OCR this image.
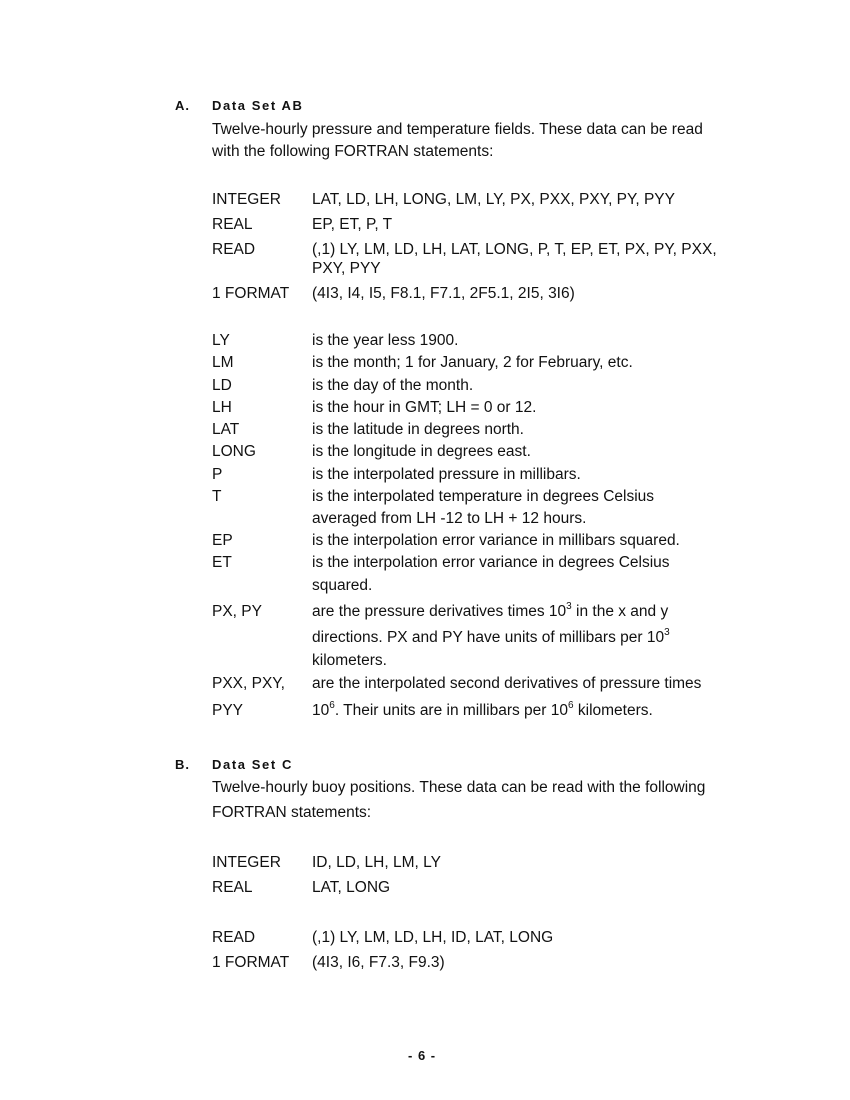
A. Data Set AB
Twelve-hourly pressure and temperature fields. These data can be read
with the following FORTRAN statements:
INTEGER LAT, LD, LH, LONG, LM, LY, PX, PXX, PXY, PY, PYY
REAL	EP, ET, P, T
READ	(,1) LY, LM, LD, LH, LAT, LONG, P, T, EP, ET, PX, PY, PXX,
PXY, PYY
1 FORMAT (4I3, I4, I5, F8.1, F7.1, 2F5.1, 2I5, 3I6)
LY	is the year less 1900.
LM	is the month; 1 for January, 2 for February, etc.
LD	is the day of the month.
LH	is the hour in GMT; LH = 0 or 12.
LAT	is the latitude in degrees north.
LONG	is the longitude in degrees east.
P	is the interpolated pressure in millibars.
T	is the interpolated temperature in degrees Celsius
averaged from LH -12 to LH + 12 hours.
EP	is the interpolation error variance in millibars squared.
ET	is the interpolation error variance in degrees Celsius
squared.
PX, PY	are the pressure derivatives times $10^3$ in the x and y
directions. PX and PY have units of millibars per $10^3$
kilometers.
PXX, PXY, are the interpolated second derivatives of pressure times
PYY	$10^6$. Their units are in millibars per $10^6$ kilometers.
B. Data Set C
Twelve-hourly buoy positions. These data can be read with the following
FORTRAN statements:
INTEGER ID, LD, LH, LM, LY
REAL	LAT, LONG
READ	(,1) LY, LM, LD, LH, ID, LAT, LONG
1 FORMAT (4I3, I6, F7.3, F9.3)
- 6 -
